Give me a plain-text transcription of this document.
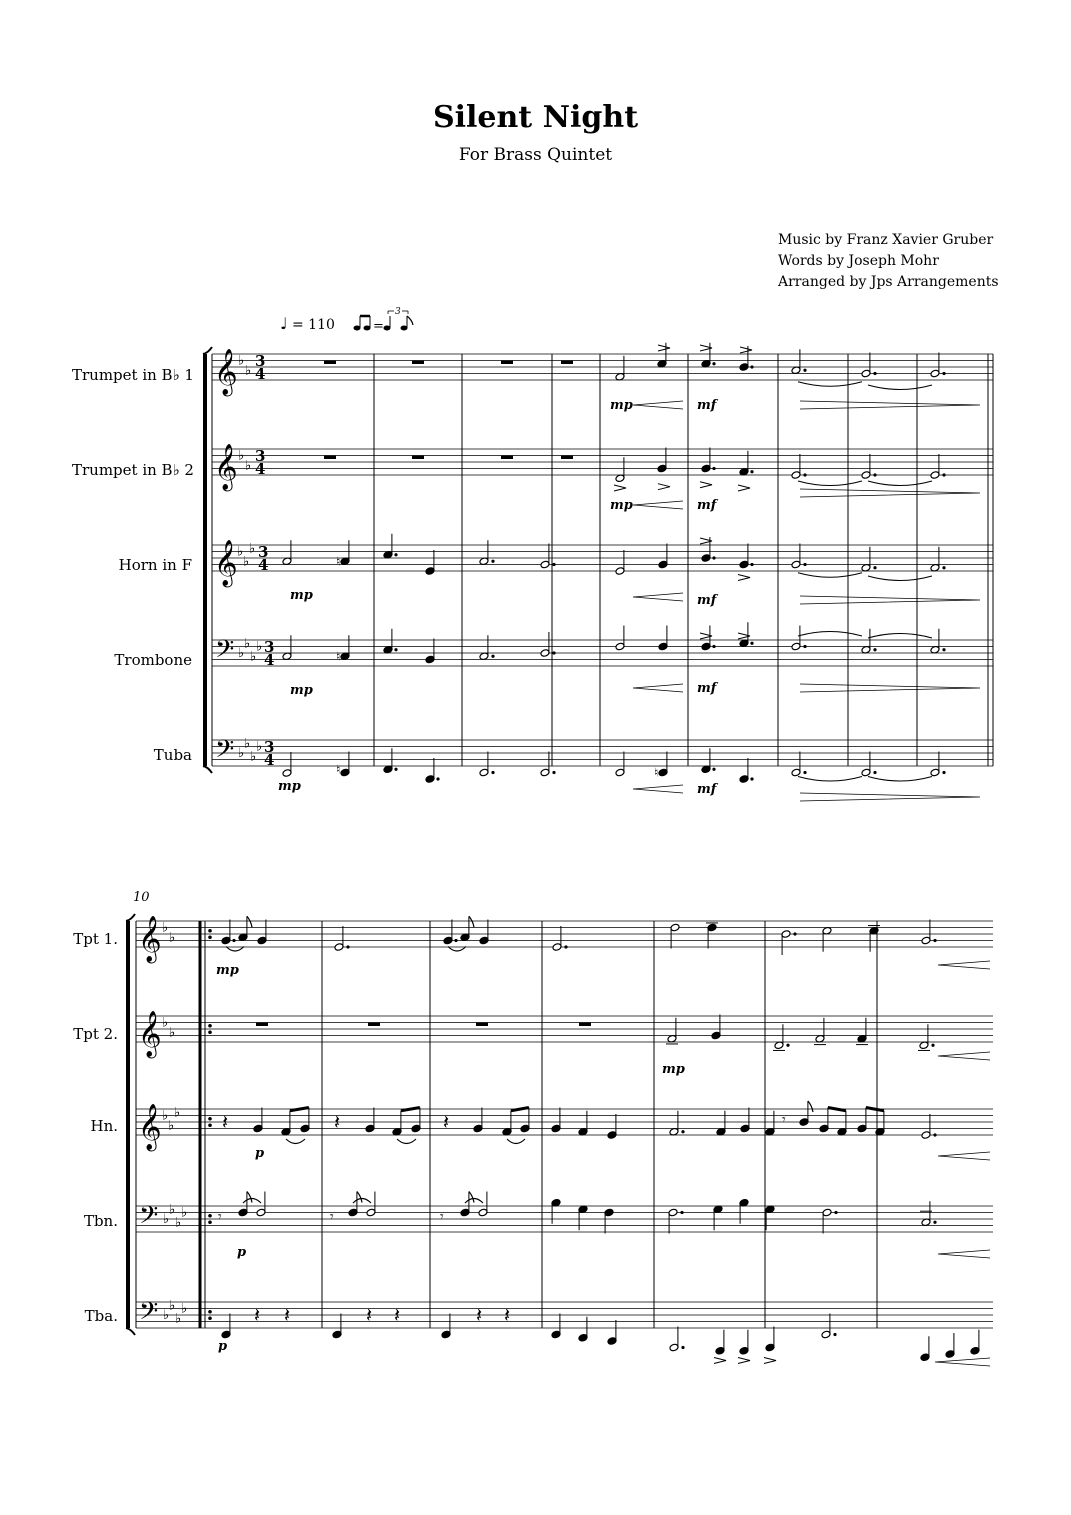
Silent Night
For Brass Quintet
Music by Franz Xavier Gruber
Words by Joseph Mohr
Arranged by Jps Arrangements
♩ = 110	=
3
Trumpet in B♭ 1
Trumpet in B♭ 2
Horn in F
Trombone
Tuba
10
Tpt 1.
Tpt 2.
Hn.
Tbn.
Tba.
𝄞
𝄞
𝄞
𝄢
𝄢
♭
♭
3
4
♭
♭
3
4
♭
♭
♭ 3
4
♭
♭
♭
♭ 3
4
♭
♭
♭
♭ 3
4
mp	mf
mp	mf
♮
mp	mf
♮
mp	mf
♮
mp
♮
mf
𝄞
𝄞
𝄞
𝄢
𝄢
♭
♭
♭
♭
♭
♭
♭
♭
♭
♭
♭
♭
♭
♭
♭
mp
mp
𝄽	𝄽	𝄽
p
𝄾
𝄾	𝄾	𝄾
p
𝄽 𝄽	𝄽 𝄽	𝄽 𝄽
p
